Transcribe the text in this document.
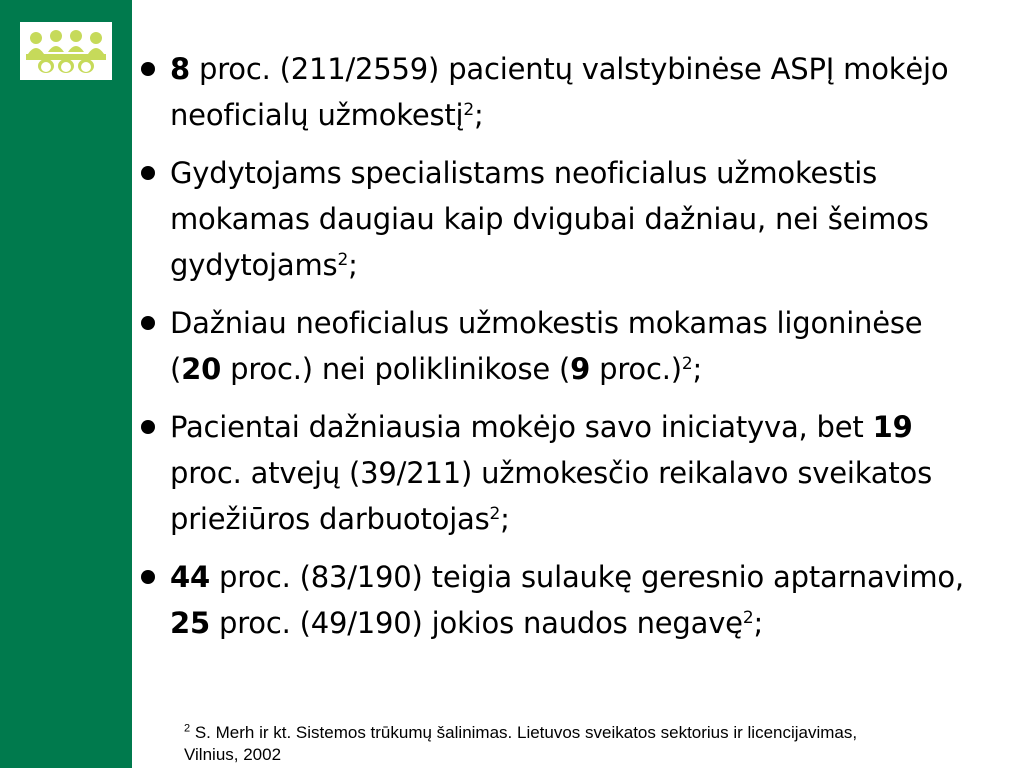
8 proc. (211/2559) pacientų valstybinėse ASPĮ mokėjo neoficialų užmokestį$^2$;
Gydytojams specialistams neoficialus užmokestis mokamas daugiau kaip dvigubai dažniau, nei šeimos gydytojams$^2$;
Dažniau neoficialus užmokestis mokamas ligoninėse (20 proc.) nei poliklinikose (9 proc.)$^2$;
Pacientai dažniausia mokėjo savo iniciatyva, bet 19 proc. atvejų (39/211) užmokesčio reikalavo sveikatos priežiūros darbuotojas$^2$;
44 proc. (83/190) teigia sulaukę geresnio aptarnavimo, 25 proc. (49/190) jokios naudos negavę$^2$;
$^2$ S. Merh ir kt. Sistemos trūkumų šalinimas. Lietuvos sveikatos sektorius ir licencijavimas, Vilnius, 2002
